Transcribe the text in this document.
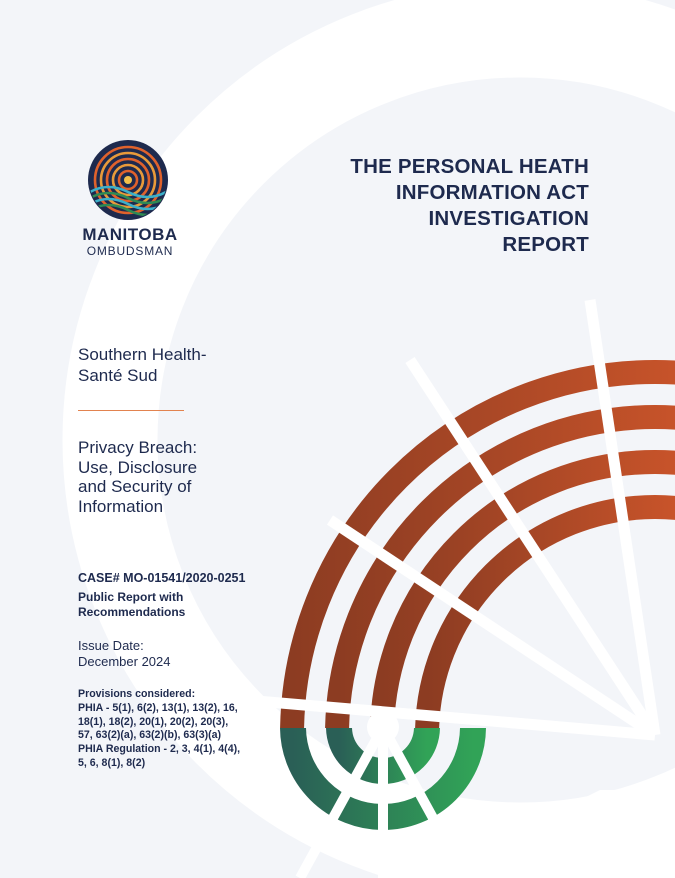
MANITOBA
OMBUDSMAN
THE PERSONAL HEATH
INFORMATION ACT
INVESTIGATION
REPORT
Southern Health-
Santé Sud
Privacy Breach:
Use, Disclosure
and Security of
Information
CASE# MO-01541/2020-0251
Public Report with
Recommendations
Issue Date:
December 2024
Provisions considered:
PHIA - 5(1), 6(2), 13(1), 13(2), 16,
18(1), 18(2), 20(1), 20(2), 20(3),
57, 63(2)(a), 63(2)(b), 63(3)(a)
PHIA Regulation - 2, 3, 4(1), 4(4),
5, 6, 8(1), 8(2)
